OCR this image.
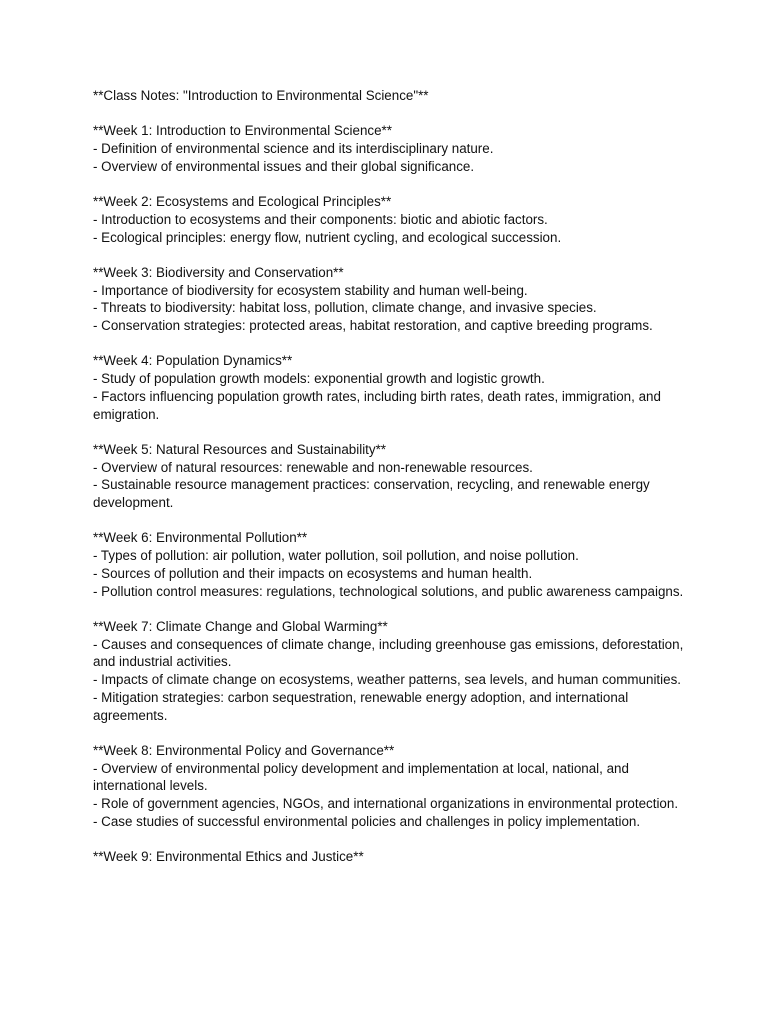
**Class Notes: "Introduction to Environmental Science"**

**Week 1: Introduction to Environmental Science**

- Definition of environmental science and its interdisciplinary nature.

- Overview of environmental issues and their global significance.

**Week 2: Ecosystems and Ecological Principles**

- Introduction to ecosystems and their components: biotic and abiotic factors.

- Ecological principles: energy flow, nutrient cycling, and ecological succession.

**Week 3: Biodiversity and Conservation**

- Importance of biodiversity for ecosystem stability and human well-being.

- Threats to biodiversity: habitat loss, pollution, climate change, and invasive species.

- Conservation strategies: protected areas, habitat restoration, and captive breeding programs.

**Week 4: Population Dynamics**

- Study of population growth models: exponential growth and logistic growth.

- Factors influencing population growth rates, including birth rates, death rates, immigration, and emigration.

**Week 5: Natural Resources and Sustainability**

- Overview of natural resources: renewable and non-renewable resources.

- Sustainable resource management practices: conservation, recycling, and renewable energy development.

**Week 6: Environmental Pollution**

- Types of pollution: air pollution, water pollution, soil pollution, and noise pollution.

- Sources of pollution and their impacts on ecosystems and human health.

- Pollution control measures: regulations, technological solutions, and public awareness campaigns.

**Week 7: Climate Change and Global Warming**

- Causes and consequences of climate change, including greenhouse gas emissions, deforestation, and industrial activities.

- Impacts of climate change on ecosystems, weather patterns, sea levels, and human communities.

- Mitigation strategies: carbon sequestration, renewable energy adoption, and international agreements.

**Week 8: Environmental Policy and Governance**

- Overview of environmental policy development and implementation at local, national, and international levels.

- Role of government agencies, NGOs, and international organizations in environmental protection.

- Case studies of successful environmental policies and challenges in policy implementation.

**Week 9: Environmental Ethics and Justice**
